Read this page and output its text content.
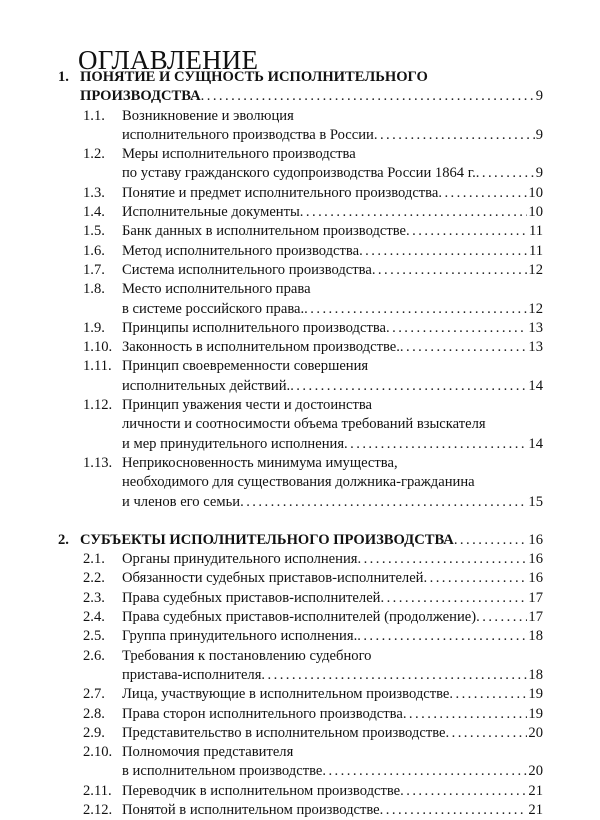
ОГЛАВЛЕНИЕ
1. ПОНЯТИЕ И СУЩНОСТЬ ИСПОЛНИТЕЛЬНОГО
ПРОИЗВОДСТВА . . .	9
1.1. Возникновение и эволюция
исполнительного производства в России . . .	9
1.2. Меры исполнительного производства
по уставу гражданского судопроизводства России 1864 г. . . .	9
1.3. Понятие и предмет исполнительного производства . . .	10
1.4. Исполнительные документы . . .	10
1.5. Банк данных в исполнительном производстве . . .	11
1.6. Метод исполнительного производства . . .	11
1.7. Система исполнительного производства . . .	12
1.8. Место исполнительного права
в системе российского права. . . .	12
1.9. Принципы исполнительного производства . . .	13
1.10. Законность в исполнительном производстве. . . .	13
1.11. Принцип своевременности совершения
исполнительных действий. . . .	14
1.12. Принцип уважения чести и достоинства
личности и соотносимости объема требований взыскателя
и мер принудительного исполнения . . .	14
1.13. Неприкосновенность минимума имущества,
необходимого для существования должника-гражданина
и членов его семьи . . .	15
2. СУБЪЕКТЫ ИСПОЛНИТЕЛЬНОГО ПРОИЗВОДСТВА . . .	16
2.1. Органы принудительного исполнения . . .	16
2.2. Обязанности судебных приставов-исполнителей . . .	16
2.3. Права судебных приставов-исполнителей . . .	17
2.4. Права судебных приставов-исполнителей (продолжение) . . .	17
2.5. Группа принудительного исполнения. . . .	18
2.6. Требования к постановлению судебного
пристава-исполнителя . . .	18
2.7. Лица, участвующие в исполнительном производстве . . .	19
2.8. Права сторон исполнительного производства . . .	19
2.9. Представительство в исполнительном производстве . . .	20
2.10. Полномочия представителя
в исполнительном производстве . . .	20
2.11. Переводчик в исполнительном производстве . . .	21
2.12. Понятой в исполнительном производстве . . .	21
